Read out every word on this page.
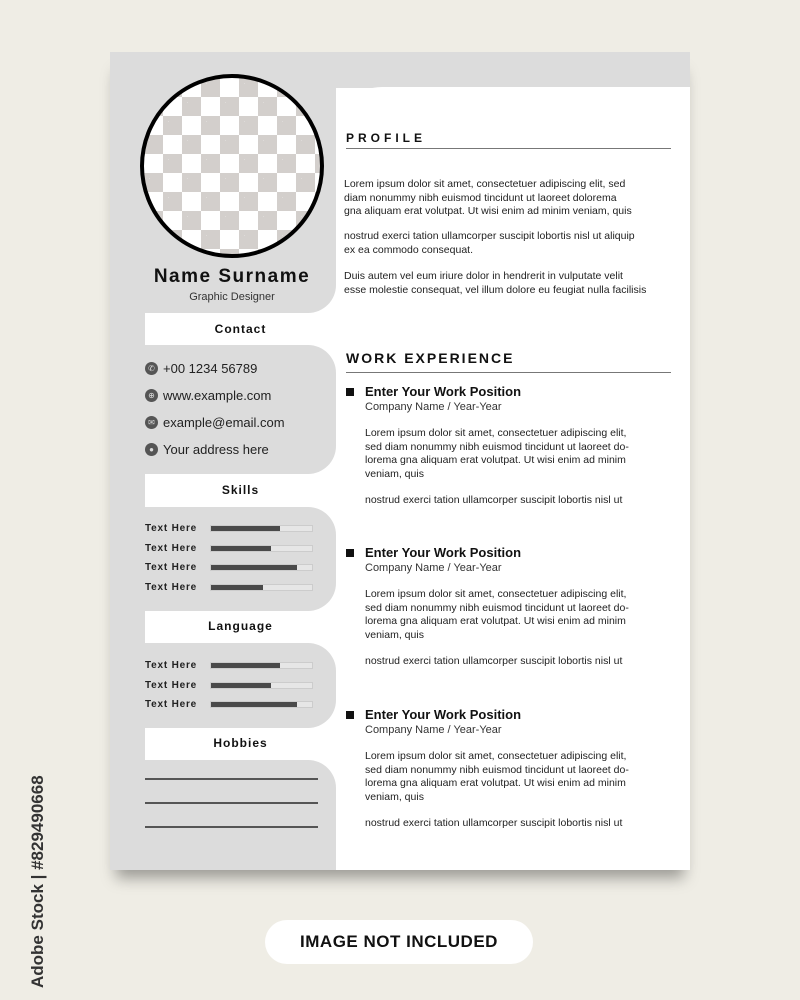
Name Surname
Graphic Designer
Contact
Skills
Language
Hobbies
PROFILE
WORK EXPERIENCE
✆ +00 1234 56789
⊕ www.example.com
✉ example@email.com
● Your address here
Text Here
Text Here
Text Here
Text Here
Text Here
Text Here
Text Here
Lorem ipsum dolor sit amet, consectetuer adipiscing elit, sed
diam nonummy nibh euismod tincidunt ut laoreet dolorema
gna aliquam erat volutpat. Ut wisi enim ad minim veniam, quis
nostrud exerci tation ullamcorper suscipit lobortis nisl ut aliquip
ex ea commodo consequat.
Duis autem vel eum iriure dolor in hendrerit in vulputate velit
esse molestie consequat, vel illum dolore eu feugiat nulla facilisis
Enter Your Work Position
Company Name / Year-Year
Lorem ipsum dolor sit amet, consectetuer adipiscing elit,
sed diam nonummy nibh euismod tincidunt ut laoreet do-
lorema gna aliquam erat volutpat. Ut wisi enim ad minim
veniam, quis
nostrud exerci tation ullamcorper suscipit lobortis nisl ut
Enter Your Work Position
Company Name / Year-Year
Lorem ipsum dolor sit amet, consectetuer adipiscing elit,
sed diam nonummy nibh euismod tincidunt ut laoreet do-
lorema gna aliquam erat volutpat. Ut wisi enim ad minim
veniam, quis
nostrud exerci tation ullamcorper suscipit lobortis nisl ut
Enter Your Work Position
Company Name / Year-Year
Lorem ipsum dolor sit amet, consectetuer adipiscing elit,
sed diam nonummy nibh euismod tincidunt ut laoreet do-
lorema gna aliquam erat volutpat. Ut wisi enim ad minim
veniam, quis
nostrud exerci tation ullamcorper suscipit lobortis nisl ut
IMAGE NOT INCLUDED
Adobe Stock | #829490668
